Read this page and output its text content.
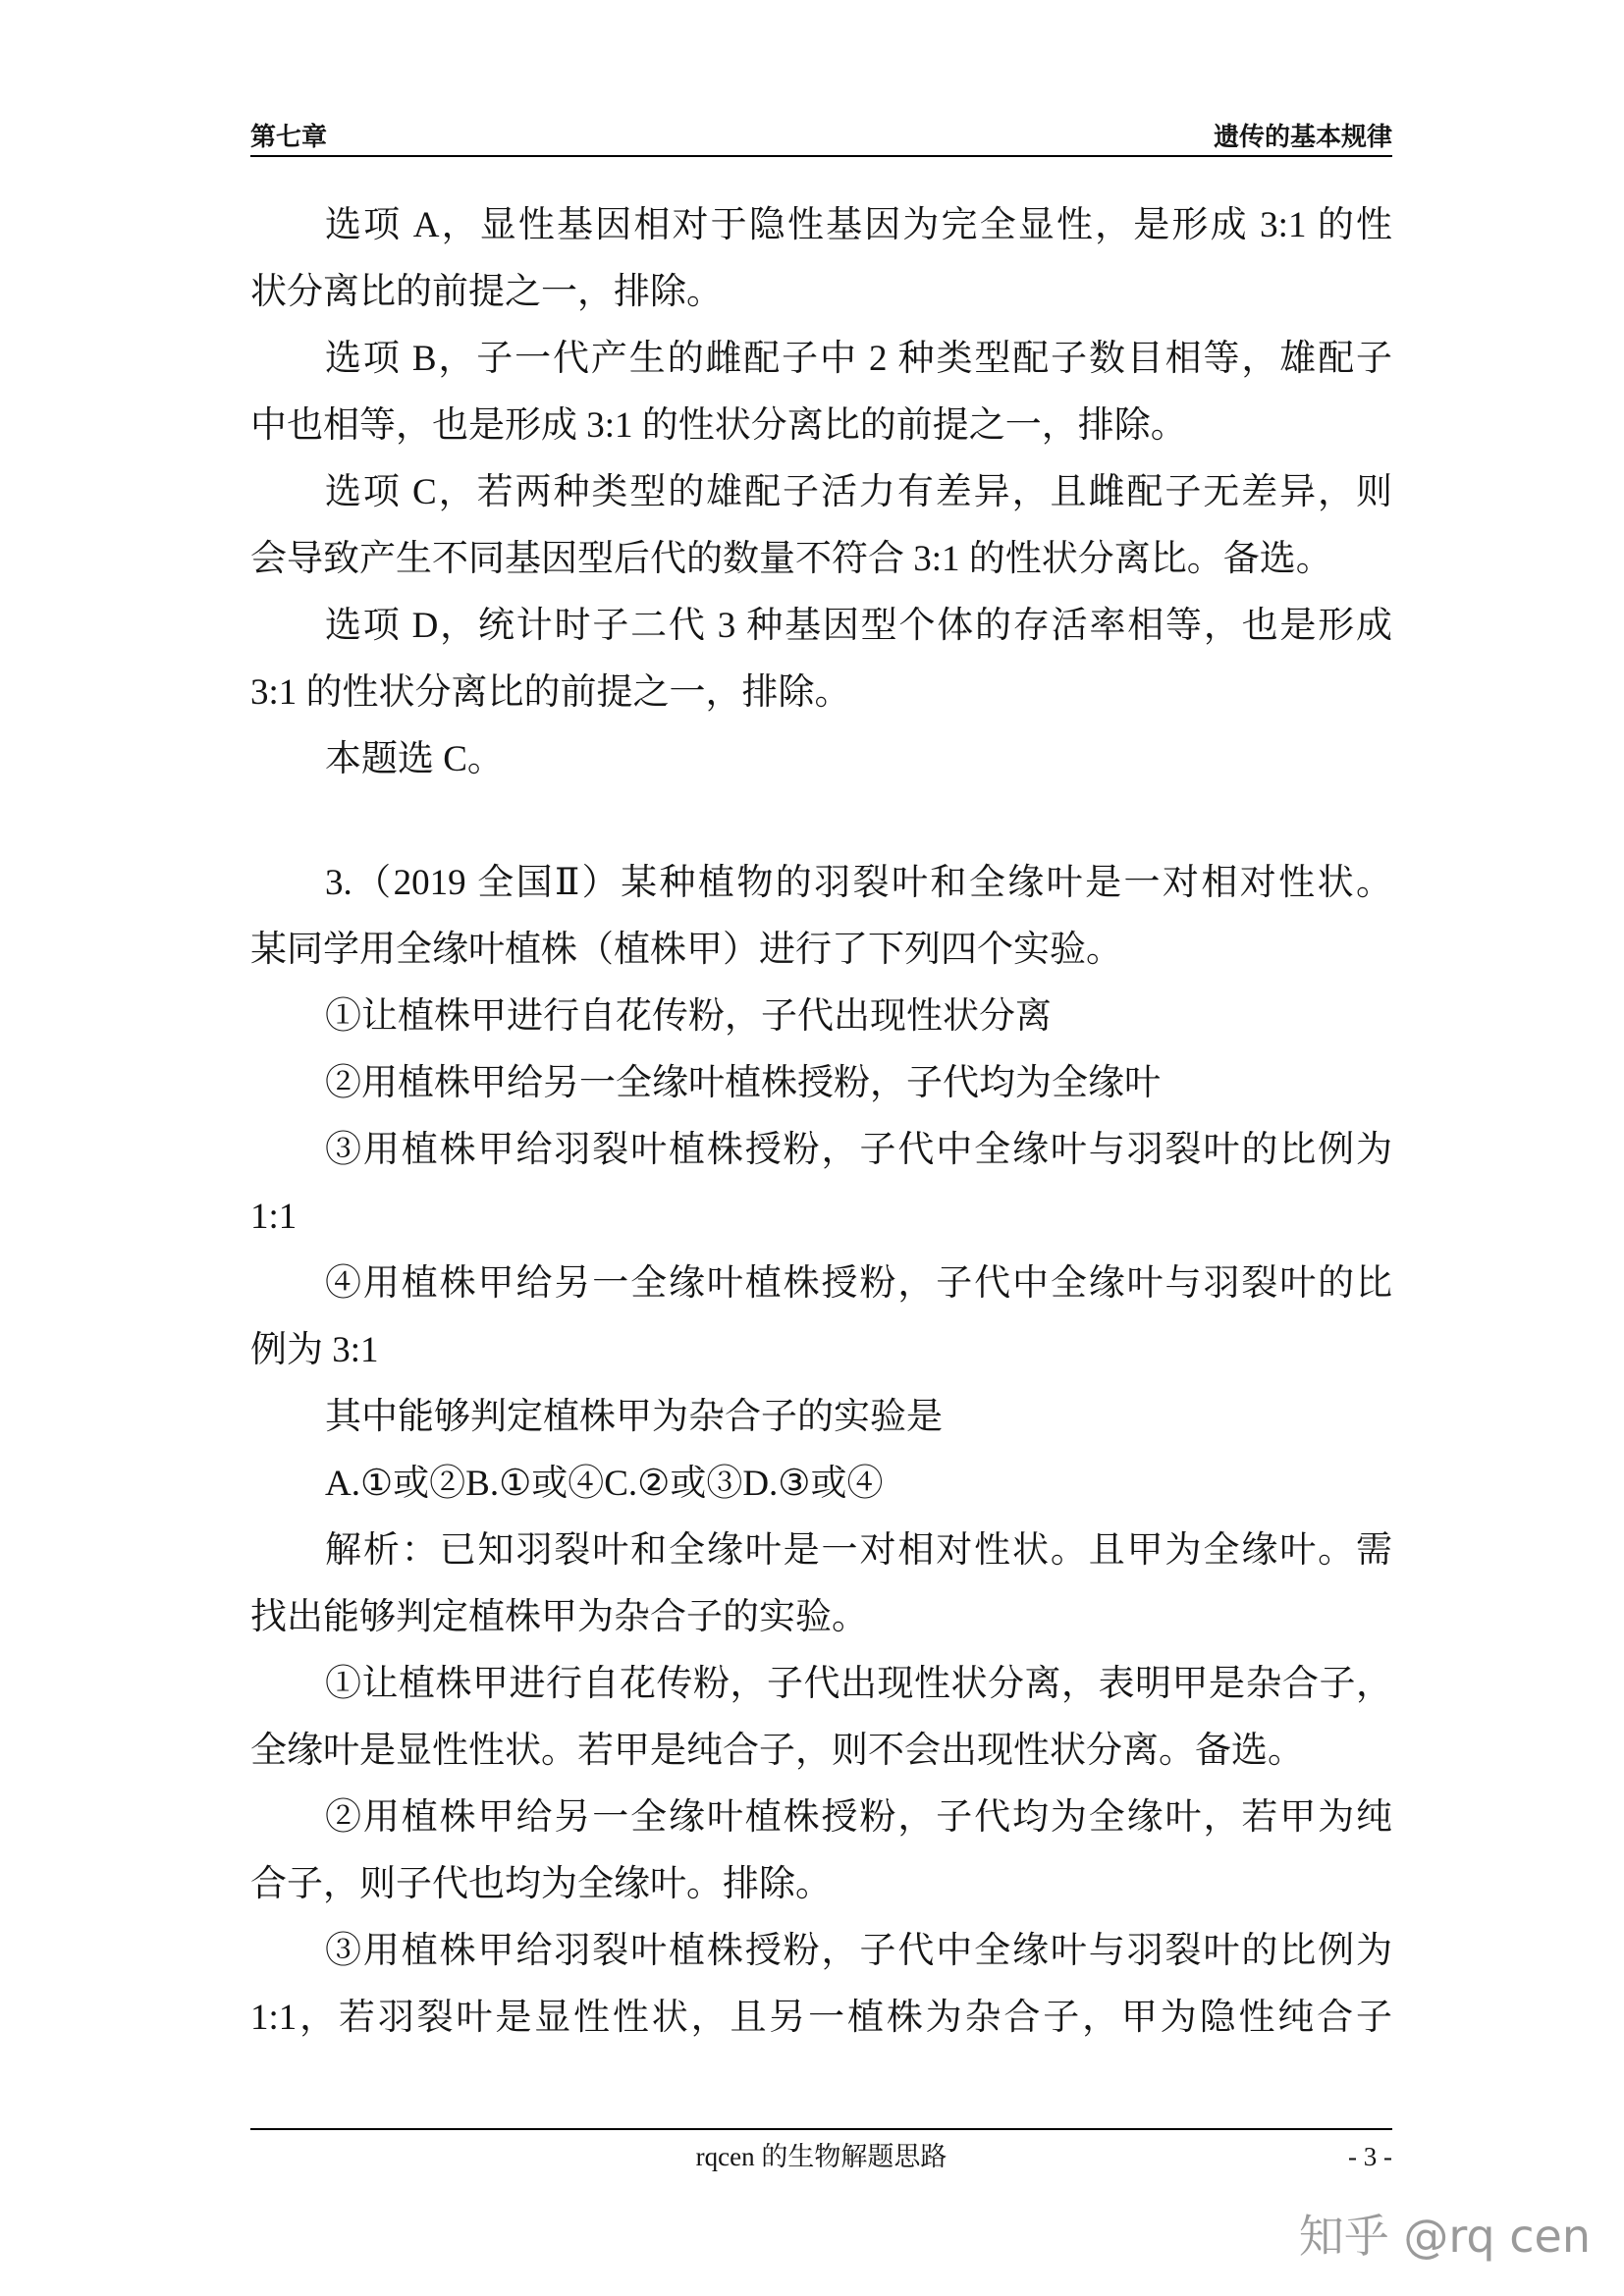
第七章	遗传的基本规律
选项 A，显性基因相对于隐性基因为完全显性，是形成 3:1 的性
状分离比的前提之一，排除。
选项 B，子一代产生的雌配子中 2 种类型配子数目相等，雄配子
中也相等，也是形成 3:1 的性状分离比的前提之一，排除。
选项 C，若两种类型的雄配子活力有差异，且雌配子无差异，则
会导致产生不同基因型后代的数量不符合 3:1 的性状分离比。备选。
选项 D，统计时子二代 3 种基因型个体的存活率相等，也是形成
3:1 的性状分离比的前提之一，排除。
本题选 C。
3.（2019 全国Ⅱ）某种植物的羽裂叶和全缘叶是一对相对性状。
某同学用全缘叶植株（植株甲）进行了下列四个实验。
①让植株甲进行自花传粉，子代出现性状分离
②用植株甲给另一全缘叶植株授粉，子代均为全缘叶
③用植株甲给羽裂叶植株授粉，子代中全缘叶与羽裂叶的比例为
1:1
④用植株甲给另一全缘叶植株授粉，子代中全缘叶与羽裂叶的比
例为 3:1
其中能够判定植株甲为杂合子的实验是
A.①或②B.①或④C.②或③D.③或④
解析：已知羽裂叶和全缘叶是一对相对性状。且甲为全缘叶。需
找出能够判定植株甲为杂合子的实验。
①让植株甲进行自花传粉，子代出现性状分离，表明甲是杂合子，
全缘叶是显性性状。若甲是纯合子，则不会出现性状分离。备选。
②用植株甲给另一全缘叶植株授粉，子代均为全缘叶，若甲为纯
合子，则子代也均为全缘叶。排除。
③用植株甲给羽裂叶植株授粉，子代中全缘叶与羽裂叶的比例为
1:1，若羽裂叶是显性性状，且另一植株为杂合子，甲为隐性纯合子
rqcen 的生物解题思路	- 3 -
知乎 @rq cen
